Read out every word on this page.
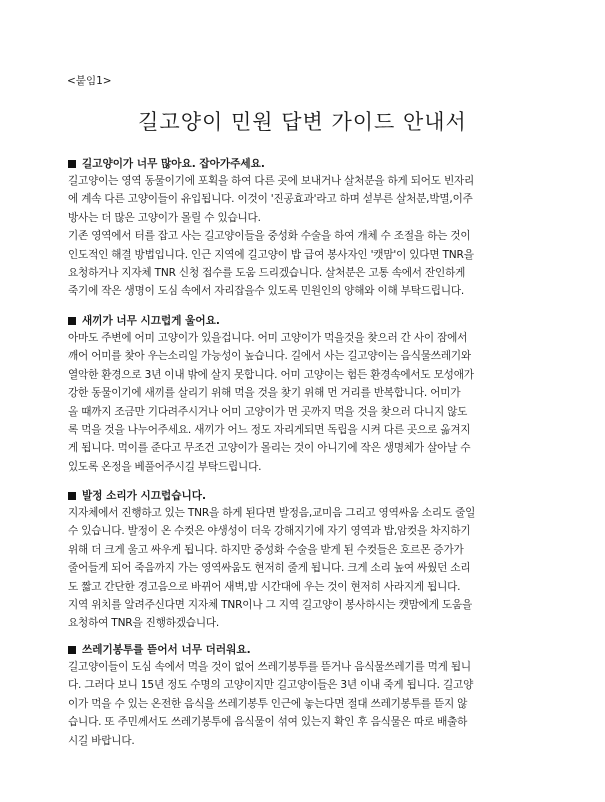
<붙임1>
길고양이 민원 답변 가이드 안내서
길고양이가 너무 많아요. 잡아가주세요.
길고양이는 영역 동물이기에 포획을 하여 다른 곳에 보내거나 살처분을 하게 되어도 빈자리
에 계속 다른 고양이들이 유입됩니다. 이것이 '진공효과'라고 하며 섣부른 살처분,박멸,이주
방사는 더 많은 고양이가 몰릴 수 있습니다.
기존 영역에서 터를 잡고 사는 길고양이들을 중성화 수술을 하여 개체 수 조절을 하는 것이
인도적인 해결 방법입니다. 인근 지역에 길고양이 밥 급여 봉사자인 '캣맘'이 있다면 TNR을
요청하거나 지자체 TNR 신청 접수를 도움 드리겠습니다. 살처분은 고통 속에서 잔인하게
죽기에 작은 생명이 도심 속에서 자리잡을수 있도록 민원인의 양해와 이해 부탁드립니다.
새끼가 너무 시끄럽게 울어요.
아마도 주변에 어미 고양이가 있을겁니다. 어미 고양이가 먹을것을 찾으러 간 사이 잠에서
깨어 어미를 찾아 우는소리일 가능성이 높습니다. 길에서 사는 길고양이는 음식물쓰레기와
열악한 환경으로 3년 이내 밖에 살지 못합니다. 어미 고양이는 험든 환경속에서도 모성애가
강한 동물이기에 새끼를 살리기 위해 먹을 것을 찾기 위해 먼 거리를 반복합니다. 어미가
올 때까지 조금만 기다려주시거나 어미 고양이가 먼 곳까지 먹을 것을 찾으러 다니지 않도
록 먹을 것을 나누어주세요. 새끼가 어느 정도 자리게되면 독립을 시켜 다른 곳으로 옮겨지
게 됩니다. 먹이를 준다고 무조건 고양이가 몰리는 것이 아니기에 작은 생명체가 살아날 수
있도록 온정을 베풀어주시길 부탁드립니다.
발정 소리가 시끄럽습니다.
지자체에서 진행하고 있는 TNR을 하게 된다면 발정음,교미음 그리고 영역싸움 소리도 줄일
수 있습니다. 발정이 온 수컷은 야생성이 더욱 강해지기에 자기 영역과 밥,암컷을 차지하기
위해 더 크게 울고 싸우게 됩니다. 하지만 중성화 수술을 받게 된 수컷들은 호르몬 증가가
줄어들게 되어 죽음까지 가는 영역싸움도 현저히 줄게 됩니다. 크게 소리 높여 싸웠던 소리
도 짧고 간단한 경고음으로 바뀌어 새벽,밤 시간대에 우는 것이 현저히 사라지게 됩니다.
지역 위치를 알려주신다면 지자체 TNR이나 그 지역 길고양이 봉사하시는 캣맘에게 도움을
요청하여 TNR을 진행하겠습니다.
쓰레기봉투를 뜯어서 너무 더러워요.
길고양이들이 도심 속에서 먹을 것이 없어 쓰레기봉투를 뜯거나 음식물쓰레기를 먹게 됩니
다. 그러다 보니 15년 정도 수명의 고양이지만 길고양이들은 3년 이내 죽게 됩니다. 길고양
이가 먹을 수 있는 온전한 음식을 쓰레기봉투 인근에 놓는다면 절대 쓰레기봉투를 뜯지 않
습니다. 또 주민께서도 쓰레기봉투에 음식물이 섞여 있는지 확인 후 음식물은 따로 배출하
시길 바랍니다.
